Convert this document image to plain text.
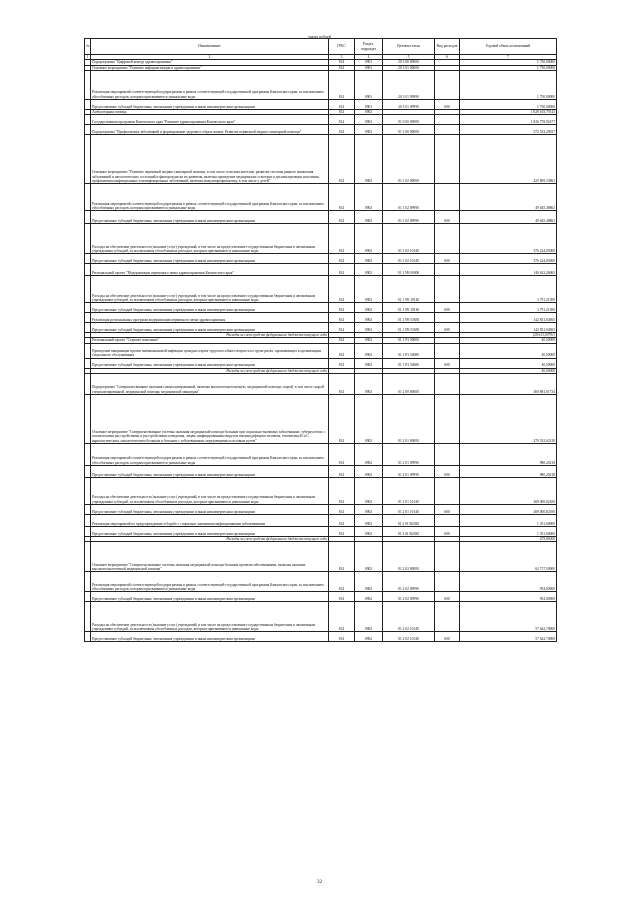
тысяч рублей
№	Наименование	ГРБС	Раздел, подраздел	Целевая статья	Вид расходов	Годовой объем ассигнований
1	2	3	4	5	6	7
	Подпрограмма "Цифровой контур здравоохранения"	814	0901	20 3 00 00000		1 750,00000
	Основное мероприятие "Развитие информатизации в здравоохранении"	814	0901	20 3 01 00000		1 750,00000
	Реализация мероприятий соответствующей подпрограммы в рамках соответствующей государственной программы Камчатского края, за исключением обособленных расходов, которым присваиваются уникальные коды	814	0901	20 3 01 09990		1 750,00000
	Предоставление субсидий бюджетным, автономным учреждениям и иным некоммерческим организациям	814	0901	20 3 01 09990	600	1 750,00000
	Амбулаторная помощь	814	0902			1 828 165,79143
	Государственная программа Камчатского края "Развитие здравоохранения Камчатского края"	814	0902	01 0 00 00000		1 826 759,92477
	Подпрограмма "Профилактика заболеваний и формирование здорового образа жизни. Развитие первичной медико-санитарной помощи"	814	0902	01 1 00 00000		572 532,29927
	Основное мероприятие "Развитие первичной медико-санитарной помощи, в том числе сельским жителям, развитие системы раннего выявления заболеваний и патологических состояний и факторов риска их развития, включая проведение медицинских осмотров и диспансеризации населения, профилактика инфекционных и неинфекционных заболеваний, включая иммунопрофилактику, в том числе у детей"	814	0902	01 1 02 00000		425 869,33862
	Реализация мероприятий соответствующей подпрограммы в рамках соответствующей государственной программы Камчатского края, за исключением обособленных расходов, которым присваиваются уникальные коды	814	0902	01 1 02 09990		49 645,48862
	Предоставление субсидий бюджетным, автономным учреждениям и иным некоммерческим организациям	814	0902	01 1 02 09990	600	49 645,48862
	Расходы на обеспечение деятельности (оказание услуг) учреждений, в том числе на предоставление государственным бюджетным и автономным учреждениям субсидий, за исключением обособленных расходов, которым присваиваются уникальные коды	814	0902	01 1 02 10140		376 224,05000
	Предоставление субсидий бюджетным, автономным учреждениям и иным некоммерческим организациям	814	0902	01 1 02 10140	600	376 224,05000
	Региональный проект "Модернизация первичного звена здравоохранения Камчатского края"	814	0902	01 1 N9 00000		146 622,26065
	Расходы на обеспечение деятельности (оказание услуг) учреждений, в том числе на предоставление государственным бюджетным и автономным учреждениям субсидий, за исключением обособленных расходов, которым присваиваются уникальные коды	814	0902	01 1 N9 10140		3 791,21500
	Предоставление субсидий бюджетным, автономным учреждениям и иным некоммерческим организациям	814	0902	01 1 N9 10140	600	3 791,21500
	Реализация региональных программ модернизации первичного звена здравоохранения	814	0902	01 1 N9 53650		142 831,04565
	Предоставление субсидий бюджетным, автономным учреждениям и иным некоммерческим организациям	814	0902	01 1 N9 53650	600	142 831,04565
	Расходы за счет средств федерального бюджета текущего года					(29 613,59791)
	Региональный проект "Старшее поколение"	814	0902	01 1 P3 00000		40,50000
	Проведение вакцинации против пневмококковой инфекции граждан старше трудоспособного возраста из групп риска, проживающих в организациях социального обслуживания	814	0902	01 1 P3 54680		40,50000
	Предоставление субсидий бюджетным, автономным учреждениям и иным некоммерческим организациям	814	0902	01 1 P3 54680	600	40,50000
	Расходы за счет средств федерального бюджета текущего года					40,50000
	Подпрограмма "Совершенствование оказания специализированной, включая высокотехнологичную, медицинской помощи, скорой, в том числе скорой специализированной, медицинской помощи, медицинской эвакуации"	814	0902	01 2 00 00000		360 881,61734
	Основное мероприятие "Совершенствование системы оказания медицинской помощи больным при социально-значимых заболеваниях: туберкулезом, с психическими расстройствами и расстройствами поведения, лицам, инфицированным вирусом иммунодефицита человека, гепатитами B и C, наркологическим, онкологическим больным и больным с заболеваниями, передающимися половым путем"	814	0902	01 2 01 00000		270 332,62318
	Реализация мероприятий соответствующей подпрограммы в рамках соответствующей государственной программы Камчатского края, за исключением обособленных расходов, которым присваиваются уникальные коды	814	0902	01 2 01 09990		980,20218
	Предоставление субсидий бюджетным, автономным учреждениям и иным некоммерческим организациям	814	0902	01 2 01 09990	600	980,20218
	Расходы на обеспечение деятельности (оказание услуг) учреждений, в том числе на предоставление государственным бюджетным и автономным учреждениям субсидий, за исключением обособленных расходов, которым присваиваются уникальные коды	814	0902	01 2 01 10140		269 000,82100
	Предоставление субсидий бюджетным, автономным учреждениям и иным некоммерческим организациям	814	0902	01 2 01 10140	600	269 000,82100
	Реализация мероприятий по предупреждению и борьбе с социально значимыми инфекционными заболеваниями	814	0902	01 2 01 R2020		1 351,60000
	Предоставление субсидий бюджетным, автономным учреждениям и иным некоммерческим организациям	814	0902	01 2 01 R2020	600	1 351,60000
	Расходы за счет средств федерального бюджета текущего года					675,80000
	Основное мероприятие "Совершенствование системы оказания медицинской помощи больным прочими заболеваниями, включая оказание высокотехнологичной медицинской помощи"	814	0902	01 2 02 00000		62 717,50000
	Реализация мероприятий соответствующей подпрограммы в рамках соответствующей государственной программы Камчатского края, за исключением обособленных расходов, которым присваиваются уникальные коды	814	0902	01 2 02 09990		954,00000
	Предоставление субсидий бюджетным, автономным учреждениям и иным некоммерческим организациям	814	0902	01 2 02 09990	600	954,00000
	Расходы на обеспечение деятельности (оказание услуг) учреждений, в том числе на предоставление государственным бюджетным и автономным учреждениям субсидий, за исключением обособленных расходов, которым присваиваются уникальные коды	814	0902	01 2 02 10140		57 642,70000
	Предоставление субсидий бюджетным, автономным учреждениям и иным некоммерческим организациям	814	0902	01 2 02 10140	600	57 642,70000
32
